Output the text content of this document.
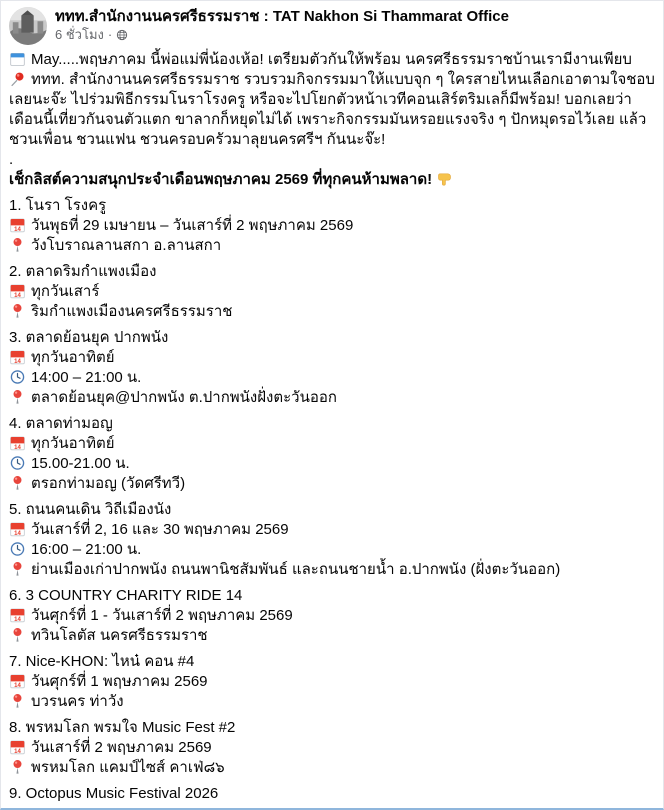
ททท.สำนักงานนครศรีธรรมราช : TAT Nakhon Si Thammarat Office
6 ชั่วโมง ·
May.....พฤษภาคม นี้พ่อแม่พี่น้องเห้อ! เตรียมตัวกันให้พร้อม นครศรีธรรมราชบ้านเรามีงานเพียบ
ททท. สำนักงานนครศรีธรรมราช รวบรวมกิจกรรมมาให้แบบจุก ๆ ใครสายไหนเลือกเอาตามใจชอบเลยนะจ๊ะ ไปร่วมพิธีกรรมโนราโรงครู หรือจะไปโยกตัวหน้าเวทีคอนเสิร์ตริมเลก็มีพร้อม! บอกเลยว่าเดือนนี้เที่ยวกันจนตัวแตก ขาลากก็หยุดไม่ได้ เพราะกิจกรรมมันหรอยแรงจริง ๆ ปักหมุดรอไว้เลย แล้วชวนเพื่อน ชวนแฟน ชวนครอบครัวมาลุยนครศรีฯ กันนะจ๊ะ!
.
เช็กลิสต์ความสนุกประจำเดือนพฤษภาคม 2569 ที่ทุกคนห้ามพลาด!
1. โนรา โรงครู
14 วันพุธที่ 29 เมษายน – วันเสาร์ที่ 2 พฤษภาคม 2569
วังโบราณลานสกา อ.ลานสกา
2. ตลาดริมกำแพงเมือง
14 ทุกวันเสาร์
ริมกำแพงเมืองนครศรีธรรมราช
3. ตลาดย้อนยุค ปากพนัง
14 ทุกวันอาทิตย์
14:00 – 21:00 น.
ตลาดย้อนยุค@ปากพนัง ต.ปากพนังฝั่งตะวันออก
4. ตลาดท่ามอญ
14 ทุกวันอาทิตย์
15.00-21.00 น.
ตรอกท่ามอญ (วัดศรีทวี)
5. ถนนคนเดิน วิถีเมืองนัง
14 วันเสาร์ที่ 2, 16 และ 30 พฤษภาคม 2569
16:00 – 21:00 น.
ย่านเมืองเก่าปากพนัง ถนนพานิชสัมพันธ์ และถนนชายน้ำ อ.ปากพนัง (ฝั่งตะวันออก)
6. 3 COUNTRY CHARITY RIDE 14
14 วันศุกร์ที่ 1 - วันเสาร์ที่ 2 พฤษภาคม 2569
ทวินโลตัส นครศรีธรรมราช
7. Nice-KHON: ไหน๋ คอน #4
14 วันศุกร์ที่ 1 พฤษภาคม 2569
บวรนคร ท่าวัง
8. พรหมโลก พรมใจ Music Fest #2
14 วันเสาร์ที่ 2 พฤษภาคม 2569
พรหมโลก แคมป์ไซส์ คาเฟ่๘๖
9. Octopus Music Festival 2026
